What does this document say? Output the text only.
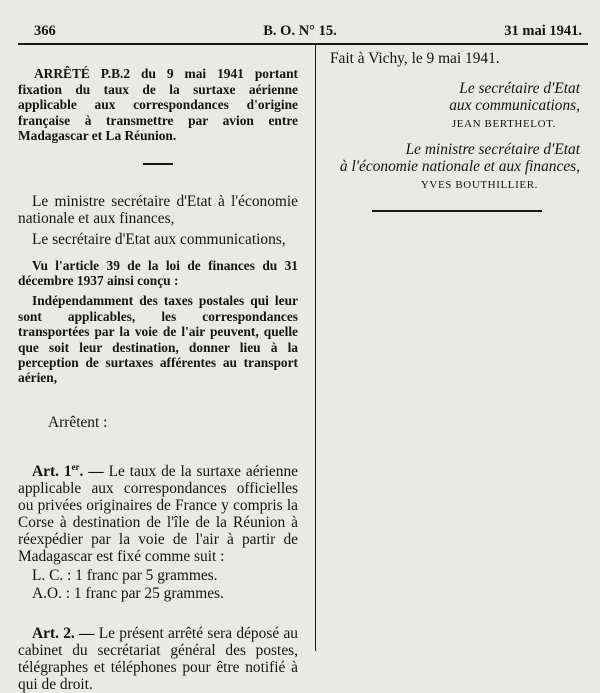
366	B. O. N° 15.	31 mai 1941.

ARRÊTÉ P.B.2 du 9 mai 1941 portant fixation du taux de la surtaxe aérienne applicable aux correspondances d'origine française à transmettre par avion entre Madagascar et La Réunion.

Le ministre secrétaire d'Etat à l'économie nationale et aux finances,

Le secrétaire d'Etat aux communications,

Vu l'article 39 de la loi de finances du 31 décembre 1937 ainsi conçu :

Indépendamment des taxes postales qui leur sont applicables, les correspondances transportées par la voie de l'air peuvent, quelle que soit leur destination, donner lieu à la perception de surtaxes afférentes au transport aérien,

Arrêtent :

Art. 1er. — Le taux de la surtaxe aérienne applicable aux correspondances officielles ou privées originaires de France y compris la Corse à destination de l'île de la Réunion à réexpédier par la voie de l'air à partir de Madagascar est fixé comme suit :

L. C. : 1 franc par 5 grammes.

A.O. : 1 franc par 25 grammes.

Art. 2. — Le présent arrêté sera déposé au cabinet du secrétariat général des postes, télégraphes et téléphones pour être notifié à qui de droit.

Fait à Vichy, le 9 mai 1941.

Le secrétaire d'Etat

aux communications,

JEAN BERTHELOT.

Le ministre secrétaire d'Etat

à l'économie nationale et aux finances,

YVES BOUTHILLIER.
